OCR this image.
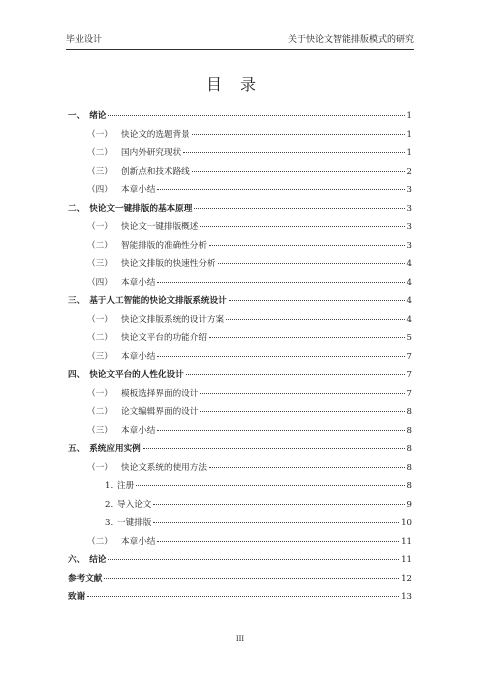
毕业设计	关于快论文智能排版模式的研究
目录
一、 绪论	1
（一） 快论文的选题背景	1
（二） 国内外研究现状	1
（三） 创新点和技术路线	2
（四） 本章小结	3
二、 快论文一键排版的基本原理	3
（一） 快论文一键排版概述	3
（二） 智能排版的准确性分析	3
（三） 快论文排版的快速性分析	4
（四） 本章小结	4
三、 基于人工智能的快论文排版系统设计	4
（一） 快论文排版系统的设计方案	4
（二） 快论文平台的功能介绍	5
（三） 本章小结	7
四、 快论文平台的人性化设计	7
（一） 模板选择界面的设计	7
（二） 论文编辑界面的设计	8
（三） 本章小结	8
五、 系统应用实例	8
（一） 快论文系统的使用方法	8
1. 注册	8
2. 导入论文	9
3. 一键排版	10
（二） 本章小结	11
六、 结论	11
参考文献	12
致谢	13
III
